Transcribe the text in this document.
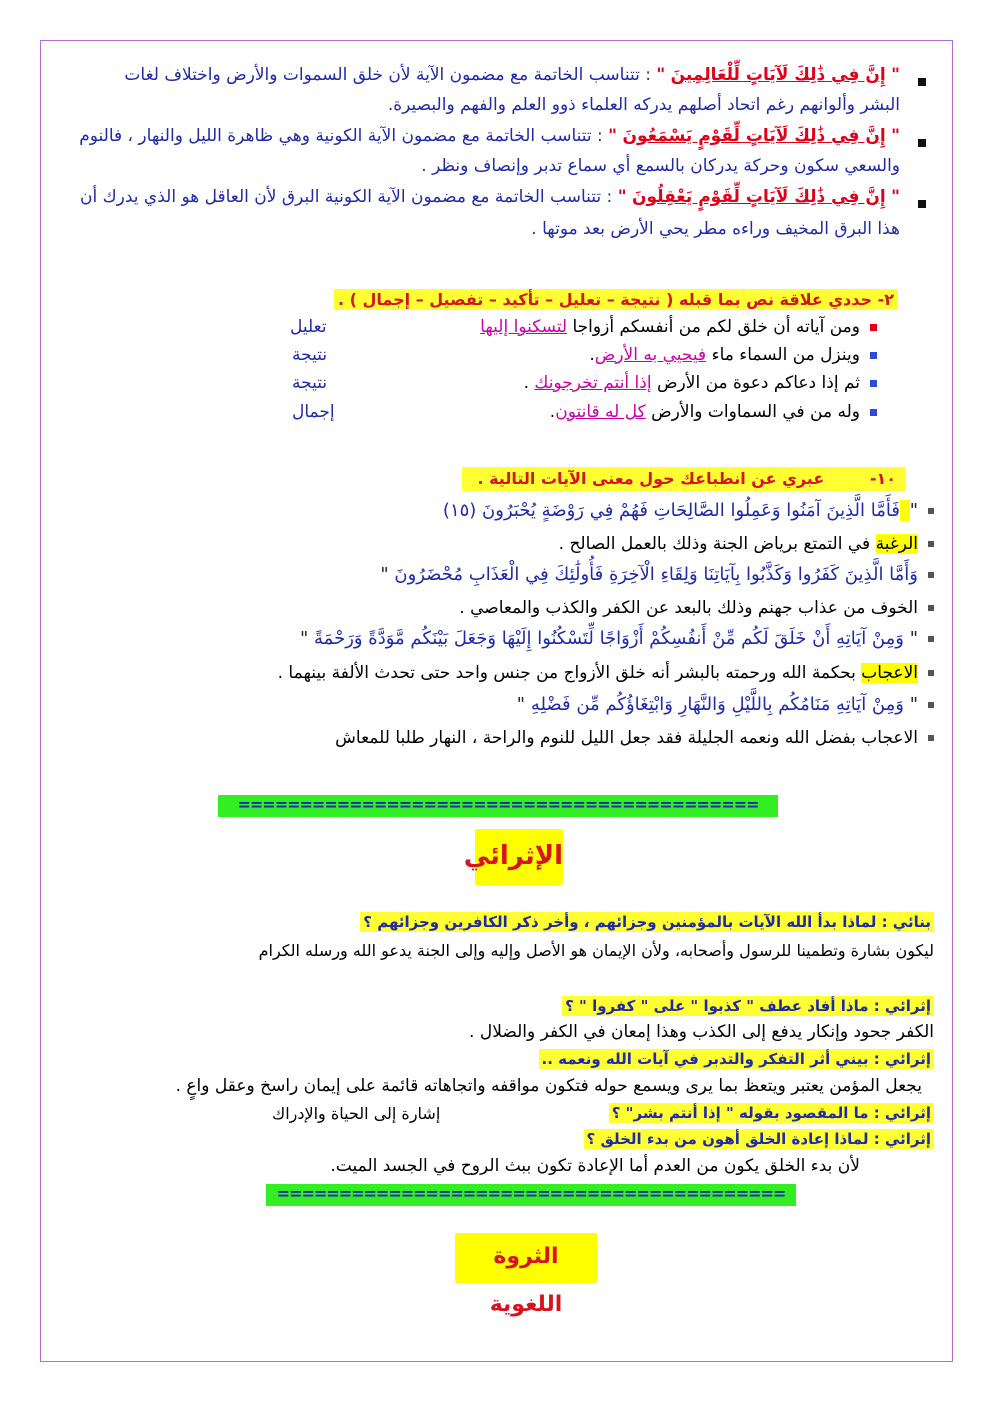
" إِنَّ فِي ذَٰلِكَ لَآيَاتٍ لِّلْعَالِمِينَ " : تتناسب الخاتمة مع مضمون الآية لأن خلق السموات والأرض واختلاف لغات
البشر وألوانهم رغم اتحاد أصلهم يدركه العلماء ذوو العلم والفهم والبصيرة.
" إِنَّ فِي ذَٰلِكَ لَآيَاتٍ لِّقَوْمٍ يَسْمَعُونَ " : تتناسب الخاتمة مع مضمون الآية الكونية وهي ظاهرة الليل والنهار ، فالنوم
والسعي سكون وحركة يدركان بالسمع أي سماع تدبر وإنصاف ونظر .
" إِنَّ فِي ذَٰلِكَ لَآيَاتٍ لِّقَوْمٍ يَعْقِلُونَ " : تتناسب الخاتمة مع مضمون الآية الكونية البرق لأن العاقل هو الذي يدرك أن
هذا البرق المخيف وراءه مطر يحي الأرض بعد موتها .
٢- حددي علاقة نص بما قبله ( نتيجة – تعليل – تأكيد – تفصيل – إجمال ) .
ومن آياته أن خلق لكم من أنفسكم أزواجا لتسكنوا إليها
وينزل من السماء ماء فيحيي به الأرض.
ثم إذا دعاكم دعوة من الأرض إذا أنتم تخرجونك .
وله من في السماوات والأرض كل له قانتون.
تعليل
نتيجة
نتيجة
إجمال
١٠- عبري عن انطباعك حول معنى الآيات التالية .
" فَأَمَّا الَّذِينَ آمَنُوا وَعَمِلُوا الصَّالِحَاتِ فَهُمْ فِي رَوْضَةٍ يُحْبَرُونَ (١٥)
الرغبة في التمتع برياض الجنة وذلك بالعمل الصالح .
وَأَمَّا الَّذِينَ كَفَرُوا وَكَذَّبُوا بِآيَاتِنَا وَلِقَاءِ الْآخِرَةِ فَأُولَٰئِكَ فِي الْعَذَابِ مُحْضَرُونَ "
الخوف من عذاب جهنم وذلك بالبعد عن الكفر والكذب والمعاصي .
" وَمِنْ آيَاتِهِ أَنْ خَلَقَ لَكُم مِّنْ أَنفُسِكُمْ أَزْوَاجًا لِّتَسْكُنُوا إِلَيْهَا وَجَعَلَ بَيْنَكُم مَّوَدَّةً وَرَحْمَةً "
الاعجاب بحكمة الله ورحمته بالبشر أنه خلق الأزواج من جنس واحد حتى تحدث الألفة بينهما .
" وَمِنْ آيَاتِهِ مَنَامُكُم بِاللَّيْلِ وَالنَّهَارِ وَابْتِغَاؤُكُم مِّن فَضْلِهِ "
الاعجاب بفضل الله ونعمه الجليلة فقد جعل الليل للنوم والراحة ، النهار طلبا للمعاش
==========================================
الإثرائي
بنائي : لماذا بدأ الله الآيات بالمؤمنين وجزائهم ، وأخر ذكر الكافرين وجزائهم ؟
ليكون بشارة وتطمينا للرسول وأصحابه، ولأن الإيمان هو الأصل وإليه وإلى الجنة يدعو الله ورسله الكرام
إثرائي : ماذا أفاد عطف " كذبوا " على " كفروا " ؟
الكفر جحود وإنكار يدفع إلى الكذب وهذا إمعان في الكفر والضلال .
إثرائي : بيني أثر التفكر والتدبر في آيات الله ونعمه ..
يجعل المؤمن يعتبر ويتعظ بما يرى ويسمع حوله فتكون مواقفه واتجاهاته قائمة على إيمان راسخ وعقل واعٍ .
إثرائي : ما المقصود بقوله " إذا أنتم بشر" ؟
إشارة إلى الحياة والإدراك
إثرائي : لماذا إعادة الخلق أهون من بدء الخلق ؟
لأن بدء الخلق يكون من العدم أما الإعادة تكون ببث الروح في الجسد الميت.
=========================================
الثروة اللغوية
